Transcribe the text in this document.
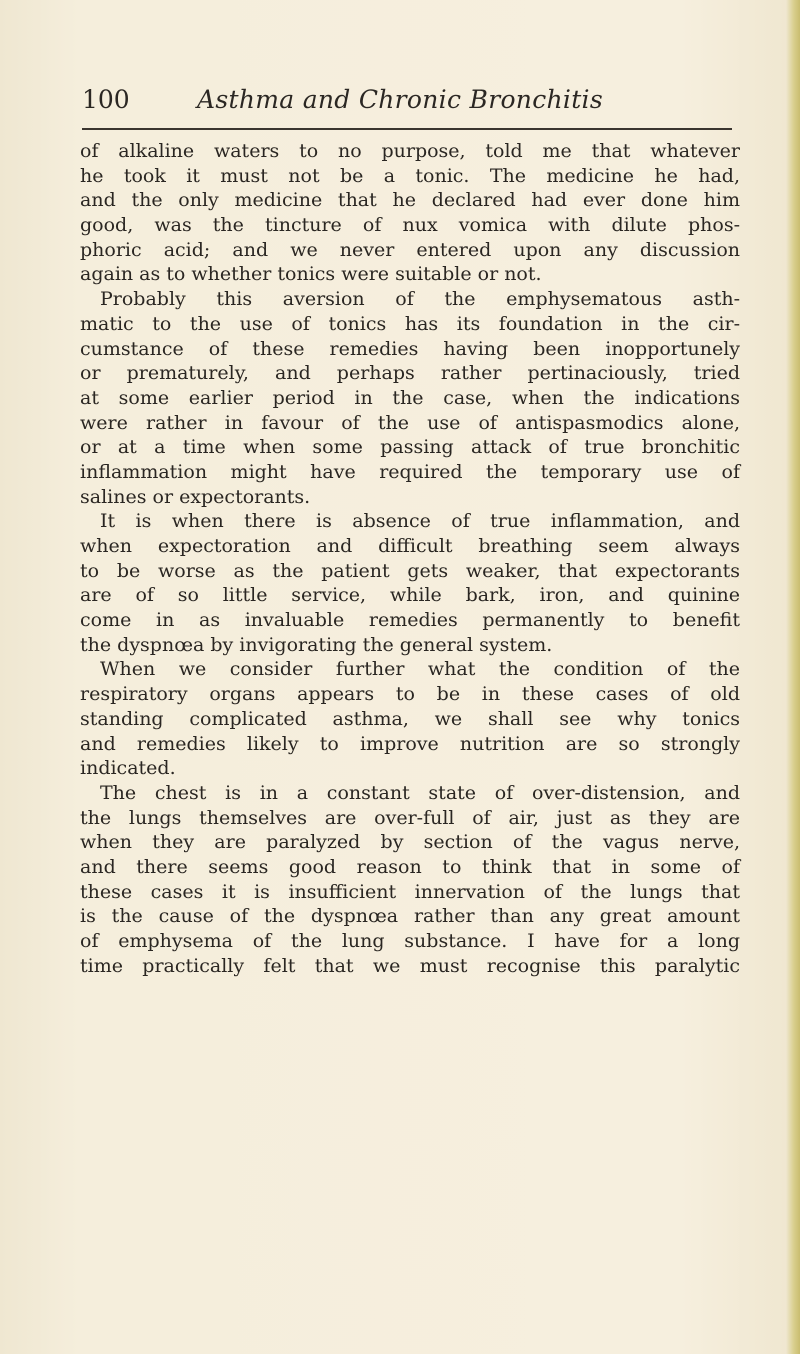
100	Asthma and Chronic Bronchitis
of alkaline waters to no purpose, told me that whatever
he took it must not be a tonic. The medicine he had,
and the only medicine that he declared had ever done him
good, was the tincture of nux vomica with dilute phos-
phoric acid; and we never entered upon any discussion
again as to whether tonics were suitable or not.
Probably this aversion of the emphysematous asth-
matic to the use of tonics has its foundation in the cir-
cumstance of these remedies having been inopportunely
or prematurely, and perhaps rather pertinaciously, tried
at some earlier period in the case, when the indications
were rather in favour of the use of antispasmodics alone,
or at a time when some passing attack of true bronchitic
inflammation might have required the temporary use of
salines or expectorants.
It is when there is absence of true inflammation, and
when expectoration and difficult breathing seem always
to be worse as the patient gets weaker, that expectorants
are of so little service, while bark, iron, and quinine
come in as invaluable remedies permanently to benefit
the dyspnœa by invigorating the general system.
When we consider further what the condition of the
respiratory organs appears to be in these cases of old
standing complicated asthma, we shall see why tonics
and remedies likely to improve nutrition are so strongly
indicated.
The chest is in a constant state of over-distension, and
the lungs themselves are over-full of air, just as they are
when they are paralyzed by section of the vagus nerve,
and there seems good reason to think that in some of
these cases it is insufficient innervation of the lungs that
is the cause of the dyspnœa rather than any great amount
of emphysema of the lung substance. I have for a long
time practically felt that we must recognise this paralytic
